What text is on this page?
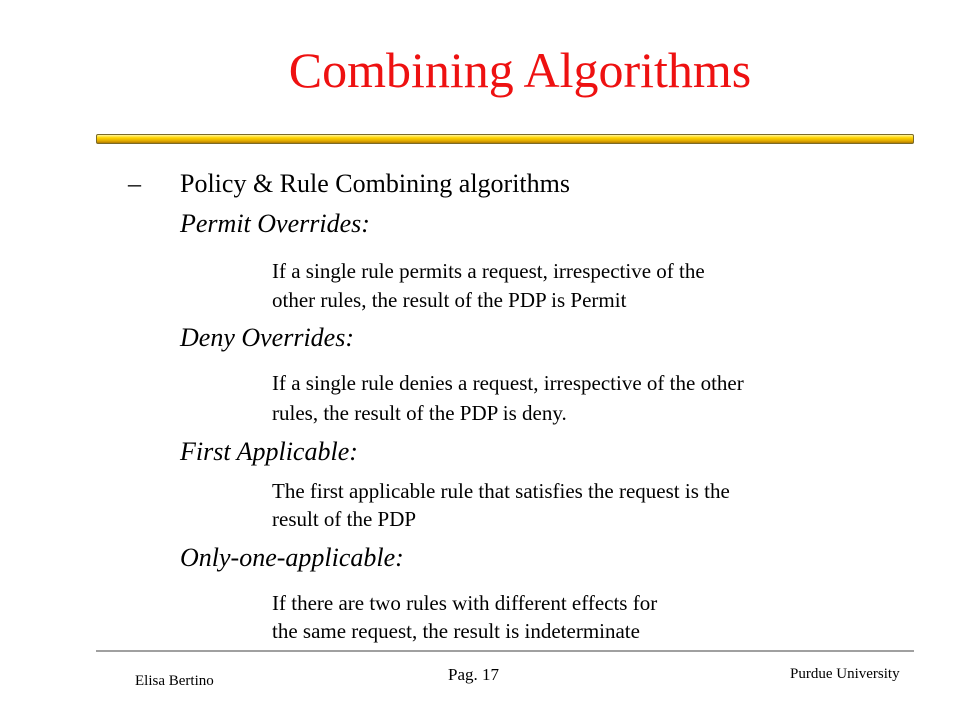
Combining Algorithms
– Policy & Rule Combining algorithms
Permit Overrides:
If a single rule permits a request, irrespective of the
other rules, the result of the PDP is Permit
Deny Overrides:
If a single rule denies a request, irrespective of the other
rules, the result of the PDP is deny.
First Applicable:
The first applicable rule that satisfies the request is the
result of the PDP
Only-one-applicable:
If there are two rules with different effects for
the same request, the result is indeterminate
Elisa Bertino	Pag. 17	Purdue University
